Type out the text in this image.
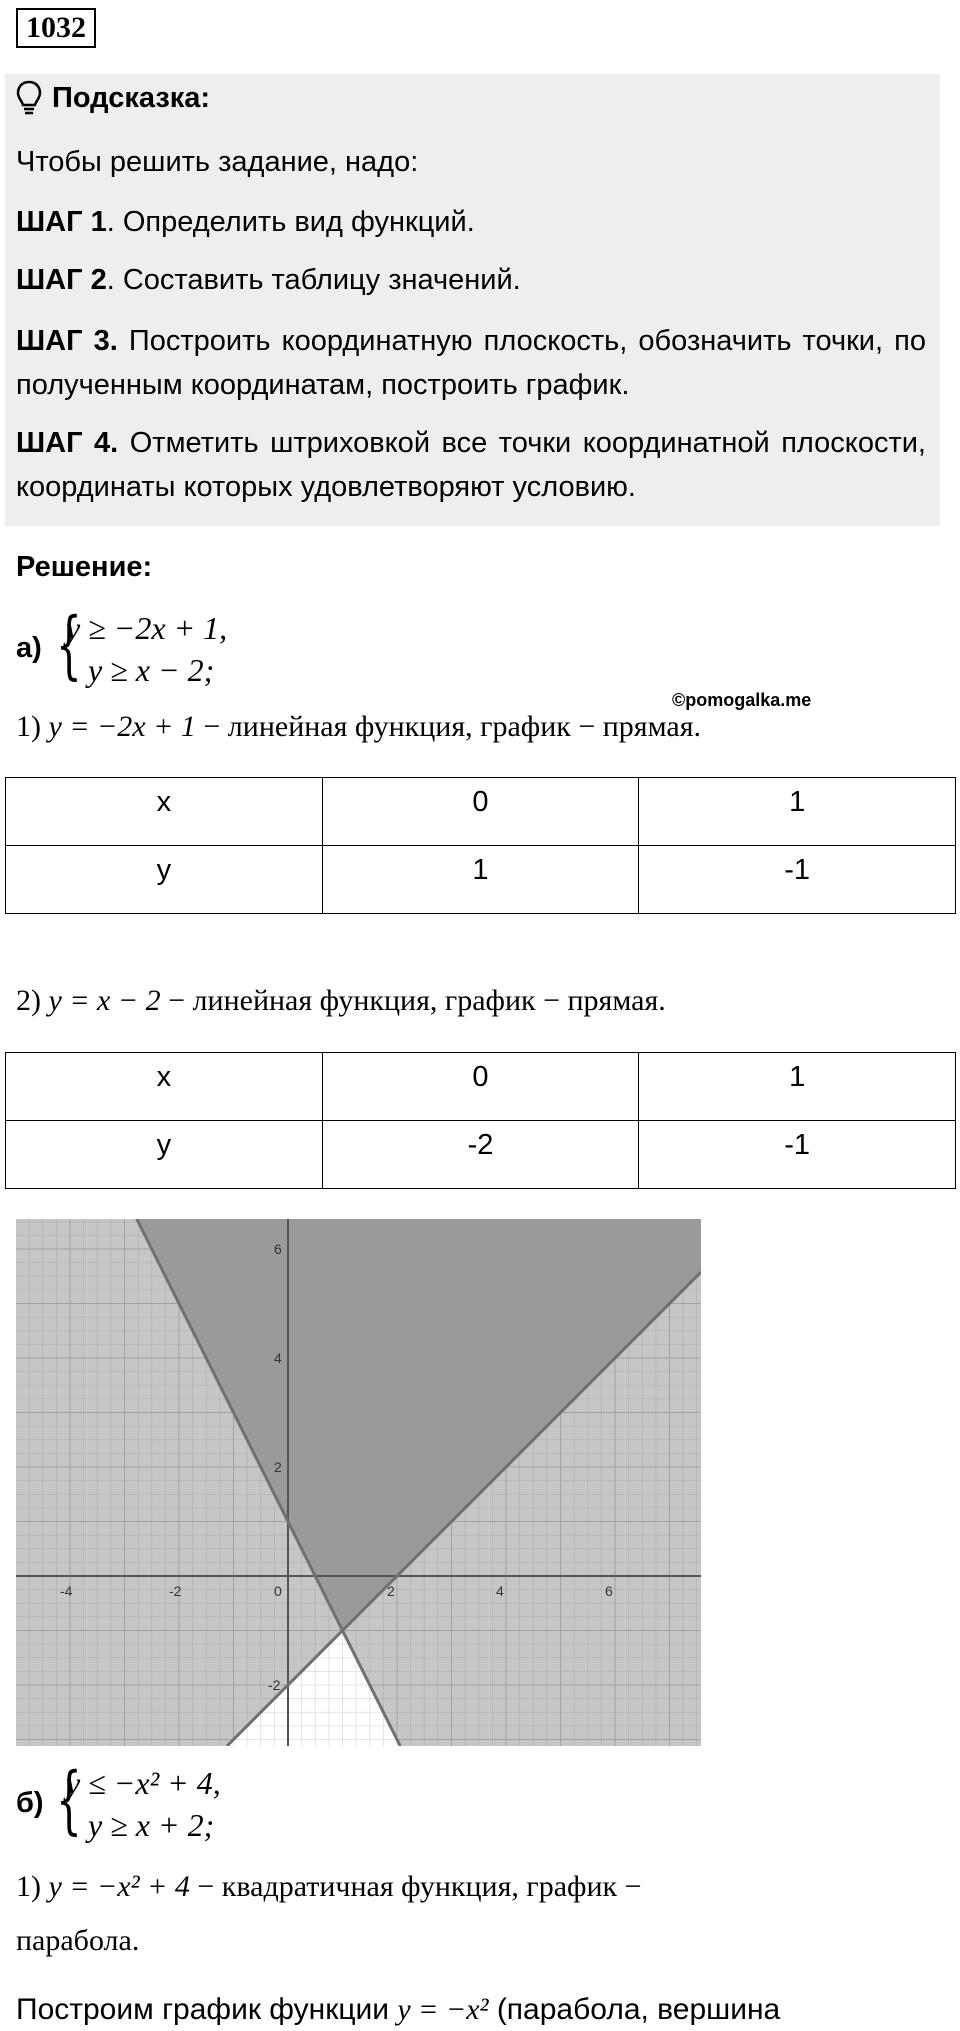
1032
Подсказка:
Чтобы решить задание, надо:
ШАГ 1. Определить вид функций.
ШАГ 2. Составить таблицу значений.
ШАГ 3. Построить координатную плоскость, обозначить точки, по полученным координатам, построить график.
ШАГ 4. Отметить штриховкой все точки координатной плоскости, координаты которых удовлетворяют условию.
Решение:
а) {
y ≥ −2x + 1,
y ≥ x − 2;
©pomogalka.me
1) y = −2x + 1 − линейная функция, график − прямая.
x	0	1
y	1	-1
2) y = x − 2 − линейная функция, график − прямая.
x	0	1
y	-2	-1
-4	-2	0	2	4	6
6
4
2
-2
б) {
y ≤ −x² + 4,
y ≥ x + 2;
1) y = −x² + 4 − квадратичная функция, график −
парабола.
Построим график функции y = −x² (парабола, вершина
